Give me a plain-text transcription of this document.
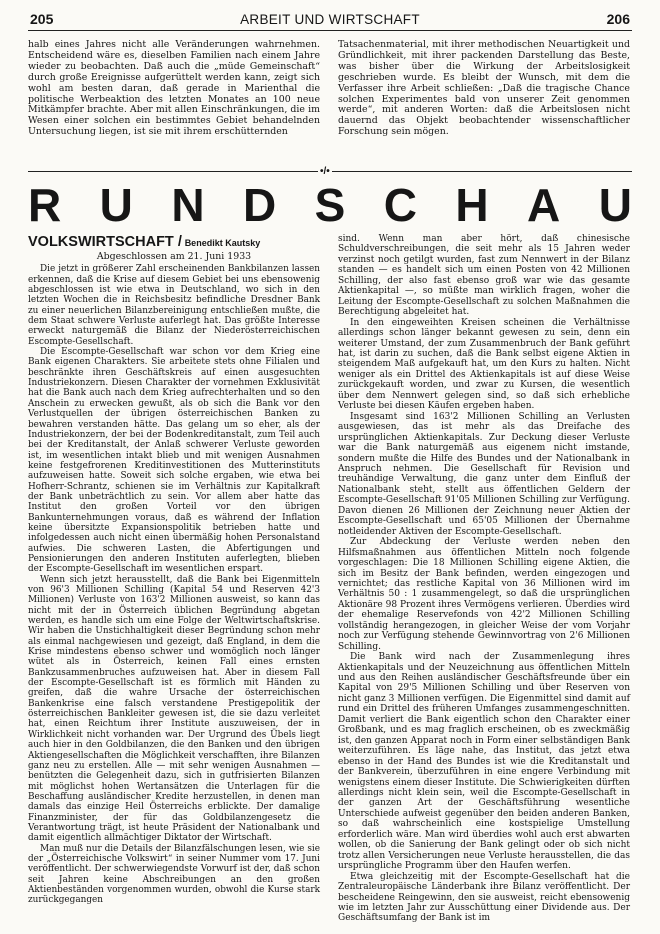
205	ARBEIT UND WIRTSCHAFT	206

halb eines Jahres nicht alle Veränderungen wahrnehmen. Entscheidend wäre es, dieselben Familien nach einem Jahre wieder zu beobachten. Daß auch die „müde Gemeinschaft“ durch große Ereignisse aufgerüttelt werden kann, zeigt sich wohl am besten daran, daß gerade in Marienthal die politische Werbeaktion des letzten Monates an 100 neue Mitkämpfer brachte. Aber mit allen Einschränkungen, die im Wesen einer solchen ein bestimmtes Gebiet behandelnden Untersuchung liegen, ist sie mit ihrem erschütternden

Tatsachenmaterial, mit ihrer methodischen Neuartigkeit und Gründlichkeit, mit ihrer packenden Darstellung das Beste, was bisher über die Wirkung der Arbeitslosigkeit geschrieben wurde. Es bleibt der Wunsch, mit dem die Verfasser ihre Arbeit schließen: „Daß die tragische Chance solchen Experimentes bald von unserer Zeit genommen werde“, mit anderen Worten: daß die Arbeitslosen nicht dauernd das Objekt beobachtender wissenschaftlicher Forschung sein mögen.

•/•
R U N D S C H A U
VOLKSWIRTSCHAFT / Benedikt Kautsky
Abgeschlossen am 21. Juni 1933

Die jetzt in größerer Zahl erscheinenden Bankbilanzen lassen erkennen, daß die Krise auf diesem Gebiet bei uns ebensowenig abgeschlossen ist wie etwa in Deutschland, wo sich in den letzten Wochen die in Reichsbesitz befindliche Dresdner Bank zu einer neuerlichen Bilanzbereinigung entschließen mußte, die dem Staat schwere Verluste auferlegt hat. Das größte Interesse erweckt naturgemäß die Bilanz der Niederösterreichischen Escompte-Gesellschaft.

Die Escompte-Gesellschaft war schon vor dem Krieg eine Bank eigenen Charakters. Sie arbeitete stets ohne Filialen und beschränkte ihren Geschäftskreis auf einen ausgesuchten Industriekonzern. Diesen Charakter der vornehmen Exklusivität hat die Bank auch nach dem Krieg aufrechterhalten und so den Anschein zu erwecken gewußt, als ob sich die Bank vor den Verlustquellen der übrigen österreichischen Banken zu bewahren verstanden hätte. Das gelang um so eher, als der Industriekonzern, der bei der Bodenkreditanstalt, zum Teil auch bei der Kreditanstalt, der Anlaß schwerer Verluste geworden ist, im wesentlichen intakt blieb und mit wenigen Ausnahmen keine festgefrorenen Kreditinvestitionen des Mutterinstituts aufzuweisen hatte. Soweit sich solche ergaben, wie etwa bei Hofherr-Schrantz, schienen sie im Verhältnis zur Kapitalkraft der Bank unbeträchtlich zu sein. Vor allem aber hatte das Institut den großen Vorteil vor den übrigen Bankunternehmungen voraus, daß es während der Inflation keine übersitzte Expansionspolitik betrieben hatte und infolgedessen auch nicht einen übermäßig hohen Personalstand aufwies. Die schweren Lasten, die Abfertigungen und Pensionierungen den anderen Instituten auferlegten, blieben der Escompte-Gesellschaft im wesentlichen erspart.

Wenn sich jetzt herausstellt, daß die Bank bei Eigenmitteln von 96'3 Millionen Schilling (Kapital 54 und Reserven 42'3 Millionen) Verluste von 163'2 Millionen ausweist, so kann das nicht mit der in Österreich üblichen Begründung abgetan werden, es handle sich um eine Folge der Weltwirtschaftskrise. Wir haben die Unstichhaltigkeit dieser Begründung schon mehr als einmal nachgewiesen und gezeigt, daß England, in dem die Krise mindestens ebenso schwer und womöglich noch länger wütet als in Österreich, keinen Fall eines ernsten Bankzusammenbruches aufzuweisen hat. Aber in diesem Fall der Escompte-Gesellschaft ist es förmlich mit Händen zu greifen, daß die wahre Ursache der österreichischen Bankenkrise eine falsch verstandene Prestigepolitik der österreichischen Bankleiter gewesen ist, die sie dazu verleitet hat, einen Reichtum ihrer Institute auszuweisen, der in Wirklichkeit nicht vorhanden war. Der Urgrund des Übels liegt auch hier in den Goldbilanzen, die den Banken und den übrigen Aktiengesellschaften die Möglichkeit verschafften, ihre Bilanzen ganz neu zu erstellen. Alle — mit sehr wenigen Ausnahmen — benützten die Gelegenheit dazu, sich in gutfrisierten Bilanzen mit möglichst hohen Wertansätzen die Unterlagen für die Beschaffung ausländischer Kredite herzustellen, in denen man damals das einzige Heil Österreichs erblickte. Der damalige Finanzminister, der für das Goldbilanzengesetz die Verantwortung trägt, ist heute Präsident der Nationalbank und damit eigentlich allmächtiger Diktator der Wirtschaft.

Man muß nur die Details der Bilanzfälschungen lesen, wie sie der „Österreichische Volkswirt“ in seiner Nummer vom 17. Juni veröffentlicht. Der schwerwiegendste Vorwurf ist der, daß schon seit Jahren keine Abschreibungen an den großen Aktienbeständen vorgenommen wurden, obwohl die Kurse stark zurückgegangen

sind. Wenn man aber hört, daß chinesische Schuldverschreibungen, die seit mehr als 15 Jahren weder verzinst noch getilgt wurden, fast zum Nennwert in der Bilanz standen — es handelt sich um einen Posten von 42 Millionen Schilling, der also fast ebenso groß war wie das gesamte Aktienkapital —, so müßte man wirklich fragen, woher die Leitung der Escompte-Gesellschaft zu solchen Maßnahmen die Berechtigung abgeleitet hat.

In den eingeweihten Kreisen scheinen die Verhältnisse allerdings schon länger bekannt gewesen zu sein, denn ein weiterer Umstand, der zum Zusammenbruch der Bank geführt hat, ist darin zu suchen, daß die Bank selbst eigene Aktien in steigendem Maß aufgekauft hat, um den Kurs zu halten. Nicht weniger als ein Drittel des Aktienkapitals ist auf diese Weise zurückgekauft worden, und zwar zu Kursen, die wesentlich über dem Nennwert gelegen sind, so daß sich erhebliche Verluste bei diesen Käufen ergeben haben.

Insgesamt sind 163'2 Millionen Schilling an Verlusten ausgewiesen, das ist mehr als das Dreifache des ursprünglichen Aktienkapitals. Zur Deckung dieser Verluste war die Bank naturgemäß aus eigenem nicht imstande, sondern mußte die Hilfe des Bundes und der Nationalbank in Anspruch nehmen. Die Gesellschaft für Revision und treuhändige Verwaltung, die ganz unter dem Einfluß der Nationalbank steht, stellt aus öffentlichen Geldern der Escompte-Gesellschaft 91'05 Millionen Schilling zur Verfügung. Davon dienen 26 Millionen der Zeichnung neuer Aktien der Escompte-Gesellschaft und 65'05 Millionen der Übernahme notleidender Aktiven der Escompte-Gesellschaft.

Zur Abdeckung der Verluste werden neben den Hilfsmaßnahmen aus öffentlichen Mitteln noch folgende vorgeschlagen: Die 18 Millionen Schilling eigene Aktien, die sich im Besitz der Bank befinden, werden eingezogen und vernichtet; das restliche Kapital von 36 Millionen wird im Verhältnis 50 : 1 zusammengelegt, so daß die ursprünglichen Aktionäre 98 Prozent ihres Vermögens verlieren. Überdies wird der ehemalige Reservefonds von 42'2 Millionen Schilling vollständig herangezogen, in gleicher Weise der vom Vorjahr noch zur Verfügung stehende Gewinnvortrag von 2'6 Millionen Schilling.

Die Bank wird nach der Zusammenlegung ihres Aktienkapitals und der Neuzeichnung aus öffentlichen Mitteln und aus den Reihen ausländischer Geschäftsfreunde über ein Kapital von 29'5 Millionen Schilling und über Reserven von nicht ganz 3 Millionen verfügen. Die Eigenmittel sind damit auf rund ein Drittel des früheren Umfanges zusammengeschnitten. Damit verliert die Bank eigentlich schon den Charakter einer Großbank, und es mag fraglich erscheinen, ob es zweckmäßig ist, den ganzen Apparat noch in Form einer selbständigen Bank weiterzuführen. Es läge nahe, das Institut, das jetzt etwa ebenso in der Hand des Bundes ist wie die Kreditanstalt und der Bankverein, überzuführen in eine engere Verbindung mit wenigstens einem dieser Institute. Die Schwierigkeiten dürften allerdings nicht klein sein, weil die Escompte-Gesellschaft in der ganzen Art der Geschäftsführung wesentliche Unterschiede aufweist gegenüber den beiden anderen Banken, so daß wahrscheinlich eine kostspielige Umstellung erforderlich wäre. Man wird überdies wohl auch erst abwarten wollen, ob die Sanierung der Bank gelingt oder ob sich nicht trotz allen Versicherungen neue Verluste herausstellen, die das ursprüngliche Programm über den Haufen werfen.

Etwa gleichzeitig mit der Escompte-Gesellschaft hat die Zentraleuropäische Länderbank ihre Bilanz veröffentlicht. Der bescheidene Reingewinn, den sie ausweist, reicht ebensowenig wie im letzten Jahr zur Ausschüttung einer Dividende aus. Der Geschäftsumfang der Bank ist im
